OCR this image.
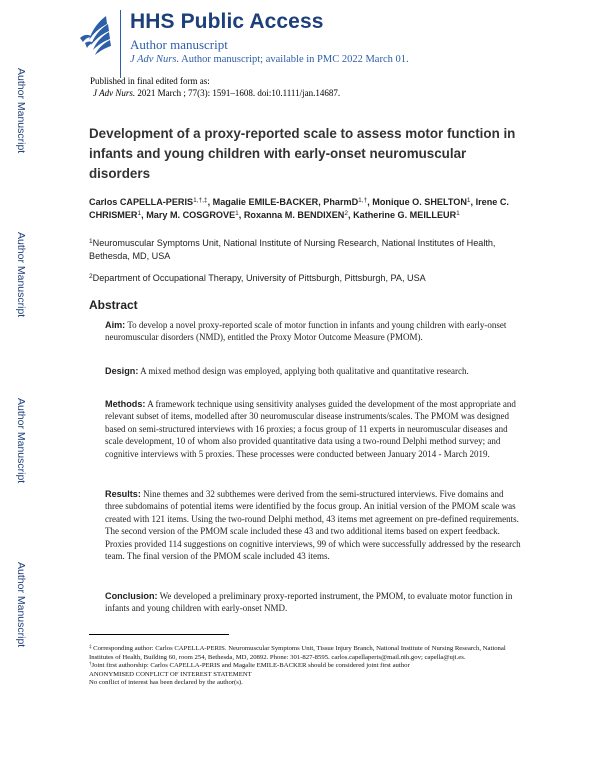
Author Manuscript
Author Manuscript
Author Manuscript
Author Manuscript
HHS Public Access
Author manuscript
J Adv Nurs. Author manuscript; available in PMC 2022 March 01.
Published in final edited form as:
J Adv Nurs. 2021 March ; 77(3): 1591–1608. doi:10.1111/jan.14687.
Development of a proxy-reported scale to assess motor function in infants and young children with early-onset neuromuscular disorders
Carlos CAPELLA-$PERIS^{1,\dagger,\ddagger}$, Magalie EMILE-BACKER, PharmD$^{1,\dagger}$, Monique O. SHELTON$^1$, Irene C. CHRISMER$^1$, Mary M. COSGROVE$^1$, Roxanna M. BENDIXEN$^2$, Katherine G. MEILLEUR$^1$
$^1$Neuromuscular Symptoms Unit, National Institute of Nursing Research, National Institutes of Health, Bethesda, MD, USA
$^2$Department of Occupational Therapy, University of Pittsburgh, Pittsburgh, PA, USA
Abstract
Aim: To develop a novel proxy-reported scale of motor function in infants and young children with early-onset neuromuscular disorders (NMD), entitled the Proxy Motor Outcome Measure (PMOM).
Design: A mixed method design was employed, applying both qualitative and quantitative research.
Methods: A framework technique using sensitivity analyses guided the development of the most appropriate and relevant subset of items, modelled after 30 neuromuscular disease instruments/scales. The PMOM was designed based on semi-structured interviews with 16 proxies; a focus group of 11 experts in neuromuscular diseases and scale development, 10 of whom also provided quantitative data using a two-round Delphi method survey; and cognitive interviews with 5 proxies. These processes were conducted between January 2014 - March 2019.
Results: Nine themes and 32 subthemes were derived from the semi-structured interviews. Five domains and three subdomains of potential items were identified by the focus group. An initial version of the PMOM scale was created with 121 items. Using the two-round Delphi method, 43 items met agreement on pre-defined requirements. The second version of the PMOM scale included these 43 and two additional items based on expert feedback. Proxies provided 114 suggestions on cognitive interviews, 99 of which were successfully addressed by the research team. The final version of the PMOM scale included 43 items.
Conclusion: We developed a preliminary proxy-reported instrument, the PMOM, to evaluate motor function in infants and young children with early-onset NMD.
‡ Corresponding author: Carlos CAPELLA-PERIS. Neuromuscular Symptoms Unit, Tissue Injury Branch, National Institute of Nursing Research, National Institutes of Health, Building 60, room 254, Bethesda, MD, 20892. Phone: 301-827-8595. carlos.capellaperis@mail.nih.gov; capella@uji.es.
†Joint first authorship: Carlos CAPELLA-PERIS and Magalie EMILE-BACKER should be considered joint first author
ANONYMISED CONFLICT OF INTEREST STATEMENT
No conflict of interest has been declared by the author(s).
